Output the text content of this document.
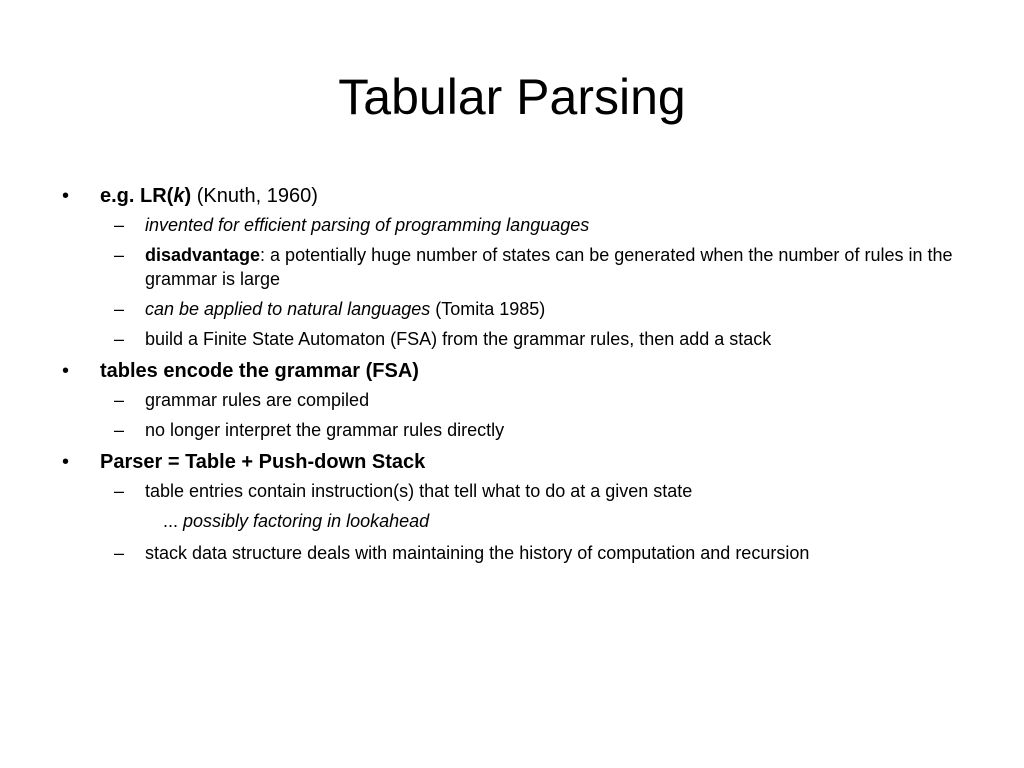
Tabular Parsing
•	e.g. LR(k) (Knuth, 1960)
–	invented for efficient parsing of programming languages
–	disadvantage: a potentially huge number of states can be generated when the number of rules in the grammar is large
–	can be applied to natural languages (Tomita 1985)
–	build a Finite State Automaton (FSA) from the grammar rules, then add a stack
•	tables encode the grammar (FSA)
–	grammar rules are compiled
–	no longer interpret the grammar rules directly
•	Parser = Table + Push-down Stack
–	table entries contain instruction(s) that tell what to do at a given state
... possibly factoring in lookahead
–	stack data structure deals with maintaining the history of computation and recursion
